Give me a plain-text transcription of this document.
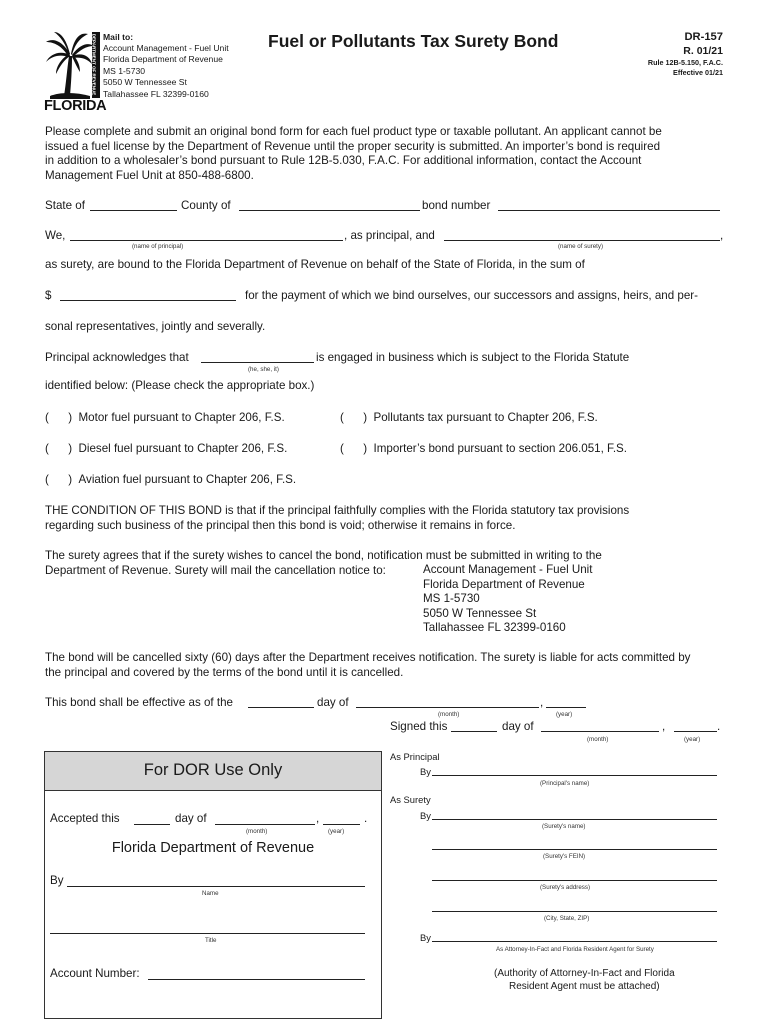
DEPARTMENT OF REVENUE
FLORIDA
Mail to:
Account Management - Fuel Unit
Florida Department of Revenue
MS 1-5730
5050 W Tennessee St
Tallahassee FL 32399-0160
Fuel or Pollutants Tax Surety Bond	DR-157
R. 01/21
Rule 12B-5.150, F.A.C.
Effective 01/21
Please complete and submit an original bond form for each fuel product type or taxable pollutant. An applicant cannot be
issued a fuel license by the Department of Revenue until the proper security is submitted. An importer’s bond is required
in addition to a wholesaler’s bond pursuant to Rule 12B-5.030, F.A.C. For additional information, contact the Account
Management Fuel Unit at 850-488-6800.
State of	County of	bond number
We,	, as principal, and	,
(name of principal)	(name of surety)
as surety, are bound to the Florida Department of Revenue on behalf of the State of Florida, in the sum of
$	for the payment of which we bind ourselves, our successors and assigns, heirs, and per-
sonal representatives, jointly and severally.
Principal acknowledges that	is engaged in business which is subject to the Florida Statute
(he, she, it)
identified below: (Please check the appropriate box.)
(      )  Motor fuel pursuant to Chapter 206, F.S.	(      )  Pollutants tax pursuant to Chapter 206, F.S.
(      )  Diesel fuel pursuant to Chapter 206, F.S.	(      )  Importer’s bond pursuant to section 206.051, F.S.
(      )  Aviation fuel pursuant to Chapter 206, F.S.
THE CONDITION OF THIS BOND is that if the principal faithfully complies with the Florida statutory tax provisions
regarding such business of the principal then this bond is void; otherwise it remains in force.
The surety agrees that if the surety wishes to cancel the bond, notification must be submitted in writing to the
Department of Revenue. Surety will mail the cancellation notice to:	Account Management - Fuel Unit
Florida Department of Revenue
MS 1-5730
5050 W Tennessee St
Tallahassee FL 32399-0160
The bond will be cancelled sixty (60) days after the Department receives notification. The surety is liable for acts committed by
the principal and covered by the terms of the bond until it is cancelled.
This bond shall be effective as of the	day of	,
(month)	(year)
Signed this	day of	,	.
(month)	(year)
For DOR Use Only
Accepted this	day of	,	.
(month)	(year)
Florida Department of Revenue
By
Name
Title
Account Number:
As Principal
By
(Principal's name)
As Surety
By
(Surety's name)
(Surety's FEIN)
(Surety's address)
(City, State, ZIP)
By
As Attorney-In-Fact and Florida Resident Agent for Surety
(Authority of Attorney-In-Fact and Florida
Resident Agent must be attached)
